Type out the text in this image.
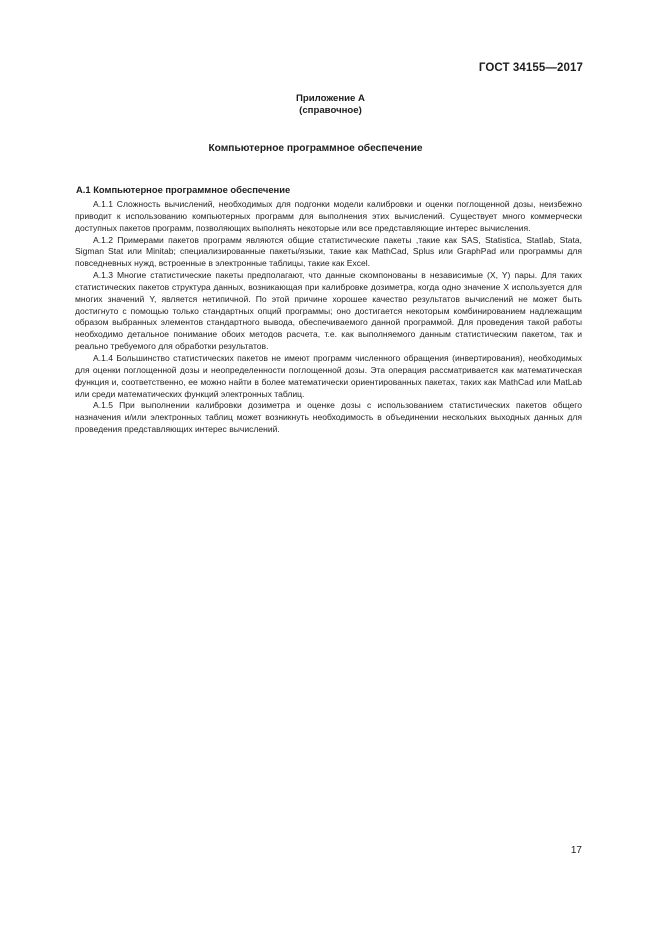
ГОСТ 34155—2017
Приложение А
(справочное)
Компьютерное программное обеспечение
А.1 Компьютерное программное обеспечение

А.1.1 Сложность вычислений, необходимых для подгонки модели калибровки и оценки поглощенной дозы, неизбежно приводит к использованию компьютерных программ для выполнения этих вычислений. Существует много коммерчески доступных пакетов программ, позволяющих выполнять некоторые или все представляющие интерес вычисления.

А.1.2 Примерами пакетов программ являются общие статистические пакеты ,такие как SAS, Statistica, Statlab, Stata, Sigman Stat или Minitab; специализированные пакеты/языки, такие как MathCad, Splus или GraphPad или программы для повседневных нужд, встроенные в электронные таблицы, такие как Excel.

А.1.3 Многие статистические пакеты предполагают, что данные скомпонованы в независимые (X, Y) пары. Для таких статистических пакетов структура данных, возникающая при калибровке дозиметра, когда одно значение X используется для многих значений Y, является нетипичной. По этой причине хорошее качество результатов вычислений не может быть достигнуто с помощью только стандартных опций программы; оно достигается некоторым комбинированием надлежащим образом выбранных элементов стандартного вывода, обеспечиваемого данной программой. Для проведения такой работы необходимо детальное понимание обоих методов расчета, т.е. как выполняемого данным статистическим пакетом, так и реально требуемого для обработки результатов.

А.1.4 Большинство статистических пакетов не имеют программ численного обращения (инвертирования), необходимых для оценки поглощенной дозы и неопределенности поглощенной дозы. Эта операция рассматривается как математическая функция и, соответственно, ее можно найти в более математически ориентированных пакетах, таких как MathCad или MatLab или среди математических функций электронных таблиц.

А.1.5 При выполнении калибровки дозиметра и оценке дозы с использованием статистических пакетов общего назначения и/или электронных таблиц может возникнуть необходимость в объединении нескольких выходных данных для проведения представляющих интерес вычислений.

17
